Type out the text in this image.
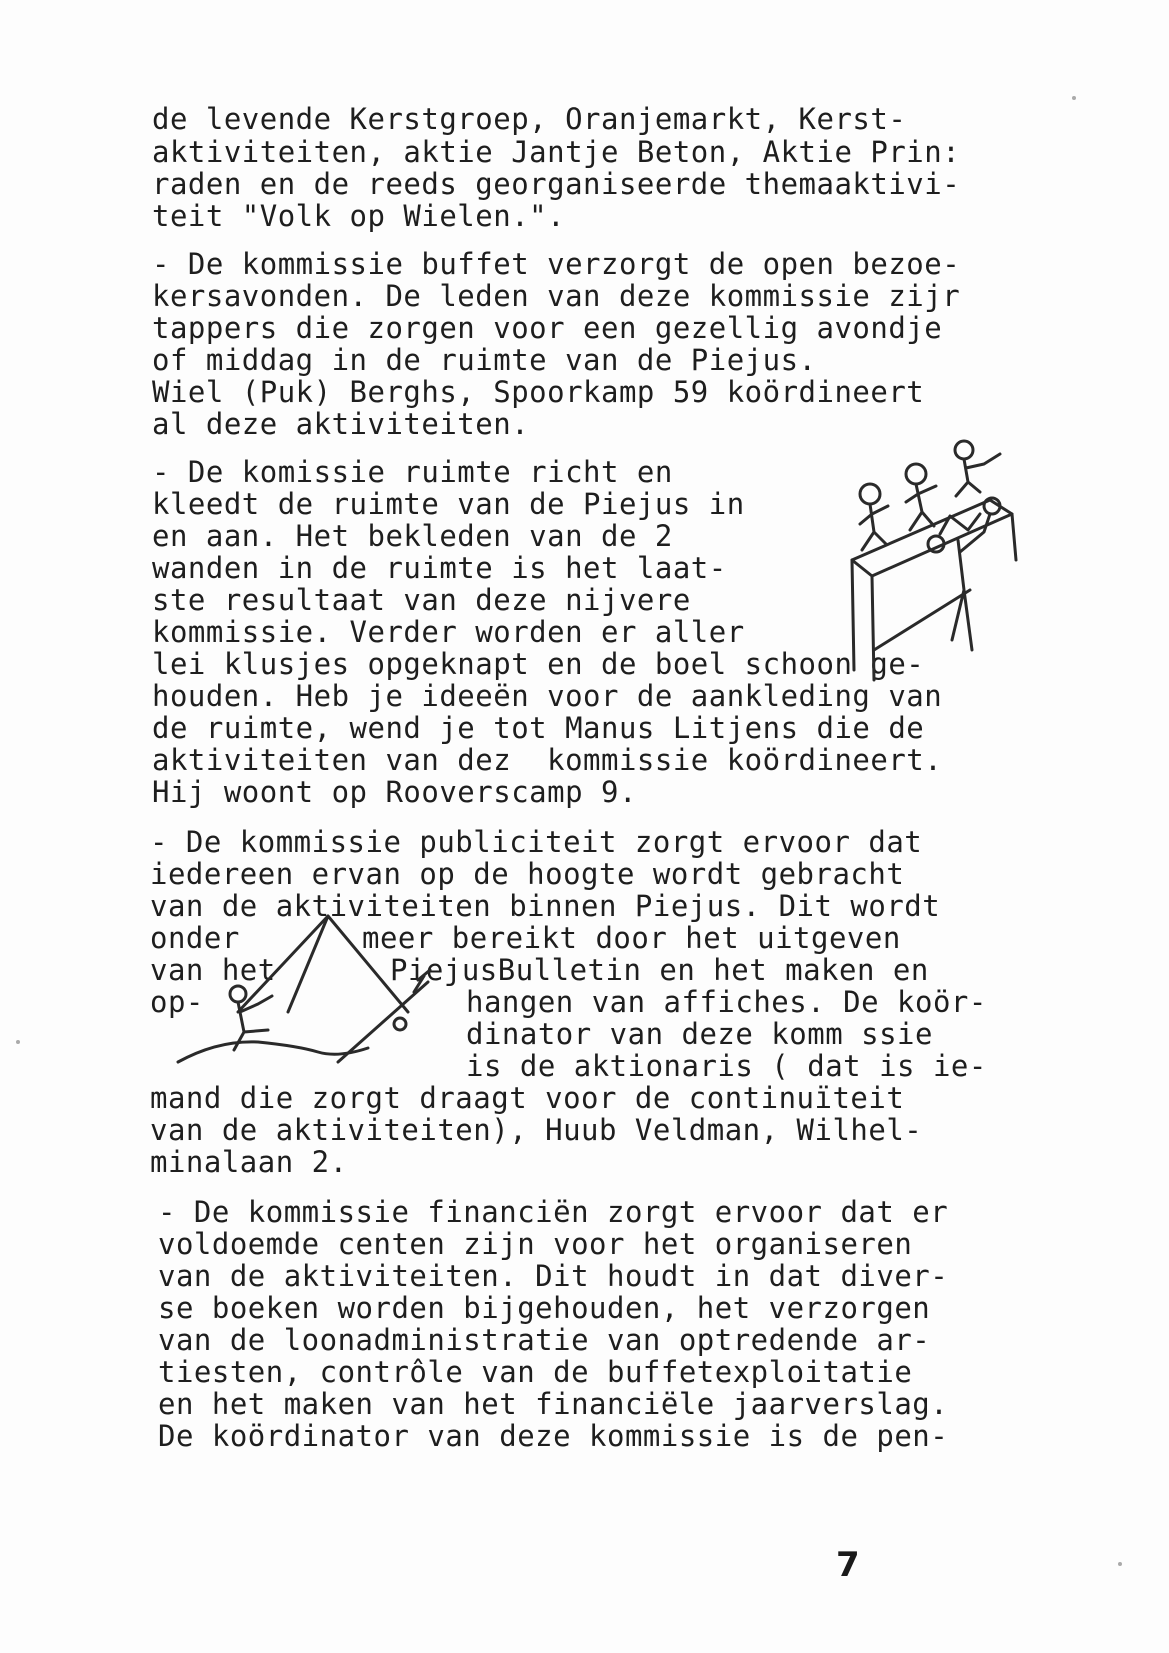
de levende Kerstgroep, Oranjemarkt, Kerst-
aktiviteiten, aktie Jantje Beton, Aktie Prin:
raden en de reeds georganiseerde themaaktivi-
teit "Volk op Wielen.".
- De kommissie buffet verzorgt de open bezoe-
kersavonden. De leden van deze kommissie zijr
tappers die zorgen voor een gezellig avondje
of middag in de ruimte van de Piejus.
Wiel (Puk) Berghs, Spoorkamp 59 koördineert
al deze aktiviteiten.
- De komissie ruimte richt en
kleedt de ruimte van de Piejus in
en aan. Het bekleden van de 2
wanden in de ruimte is het laat-
ste resultaat van deze nijvere
kommissie. Verder worden er aller
lei klusjes opgeknapt en de boel schoon ge-
houden. Heb je ideeën voor de aankleding van
de ruimte, wend je tot Manus Litjens die de
aktiviteiten van dez  kommissie koördineert.
Hij woont op Rooverscamp 9.
- De kommissie publiciteit zorgt ervoor dat
iedereen ervan op de hoogte wordt gebracht
van de aktiviteiten binnen Piejus. Dit wordt
onder	meer bereikt door het uitgeven
van het	PiejusBulletin en het maken en
op-	hangen van affiches. De koör-
dinator van deze komm ssie
is de aktionaris ( dat is ie-
mand die zorgt draagt voor de continuïteit
van de aktiviteiten), Huub Veldman, Wilhel-
minalaan 2.
- De kommissie financiën zorgt ervoor dat er
voldoemde centen zijn voor het organiseren
van de aktiviteiten. Dit houdt in dat diver-
se boeken worden bijgehouden, het verzorgen
van de loonadministratie van optredende ar-
tiesten, contrôle van de buffetexploitatie
en het maken van het financiële jaarverslag.
De koördinator van deze kommissie is de pen-
7
